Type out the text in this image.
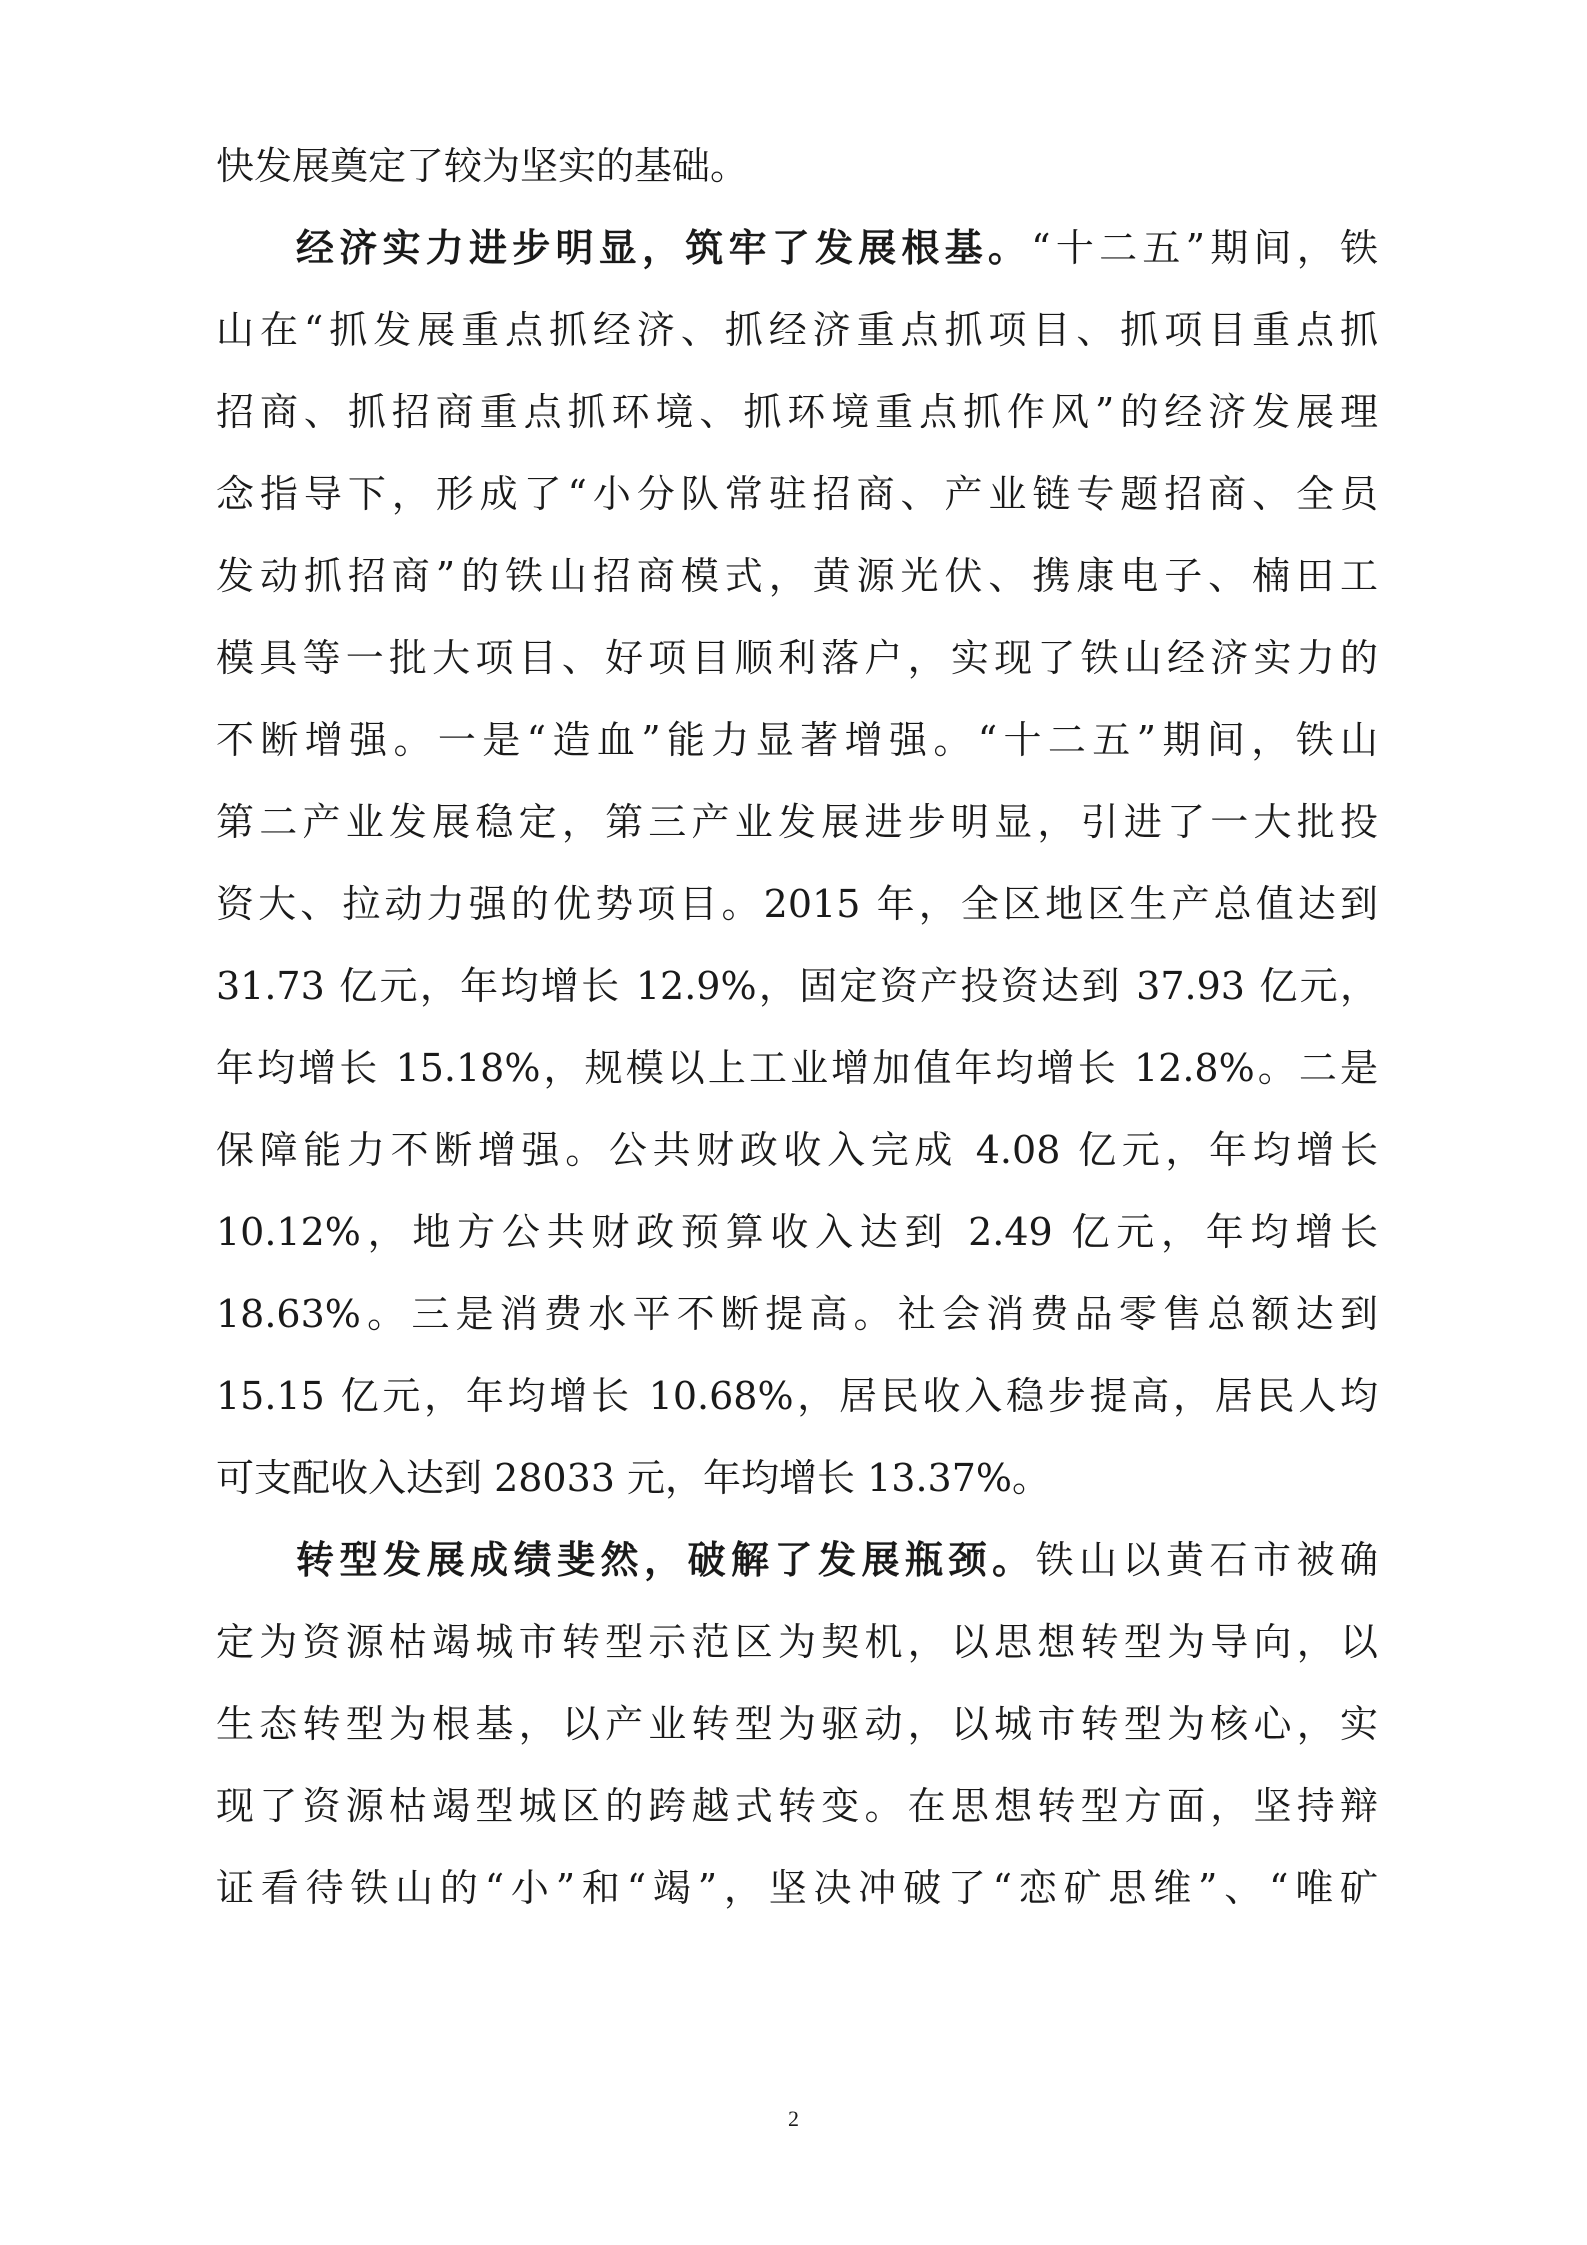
快发展奠定了较为坚实的基础。
经济实力进步明显，筑牢了发展根基。“十二五”期间，铁
山在“抓发展重点抓经济、抓经济重点抓项目、抓项目重点抓
招商、抓招商重点抓环境、抓环境重点抓作风”的经济发展理
念指导下，形成了“小分队常驻招商、产业链专题招商、全员
发动抓招商”的铁山招商模式，黄源光伏、携康电子、楠田工
模具等一批大项目、好项目顺利落户，实现了铁山经济实力的
不断增强。一是“造血”能力显著增强。“十二五”期间，铁山
第二产业发展稳定，第三产业发展进步明显，引进了一大批投
资大、拉动力强的优势项目。2015 年，全区地区生产总值达到
31.73 亿元，年均增长 12.9%，固定资产投资达到 37.93 亿元，
年均增长 15.18%，规模以上工业增加值年均增长 12.8%。二是
保障能力不断增强。公共财政收入完成 4.08 亿元，年均增长
10.12%，地方公共财政预算收入达到 2.49 亿元，年均增长
18.63%。三是消费水平不断提高。社会消费品零售总额达到
15.15 亿元，年均增长 10.68%，居民收入稳步提高，居民人均
可支配收入达到 28033 元，年均增长 13.37%。
转型发展成绩斐然，破解了发展瓶颈。铁山以黄石市被确
定为资源枯竭城市转型示范区为契机，以思想转型为导向，以
生态转型为根基，以产业转型为驱动，以城市转型为核心，实
现了资源枯竭型城区的跨越式转变。在思想转型方面，坚持辩
证看待铁山的“小”和“竭”，坚决冲破了“恋矿思维”、“唯矿
2
